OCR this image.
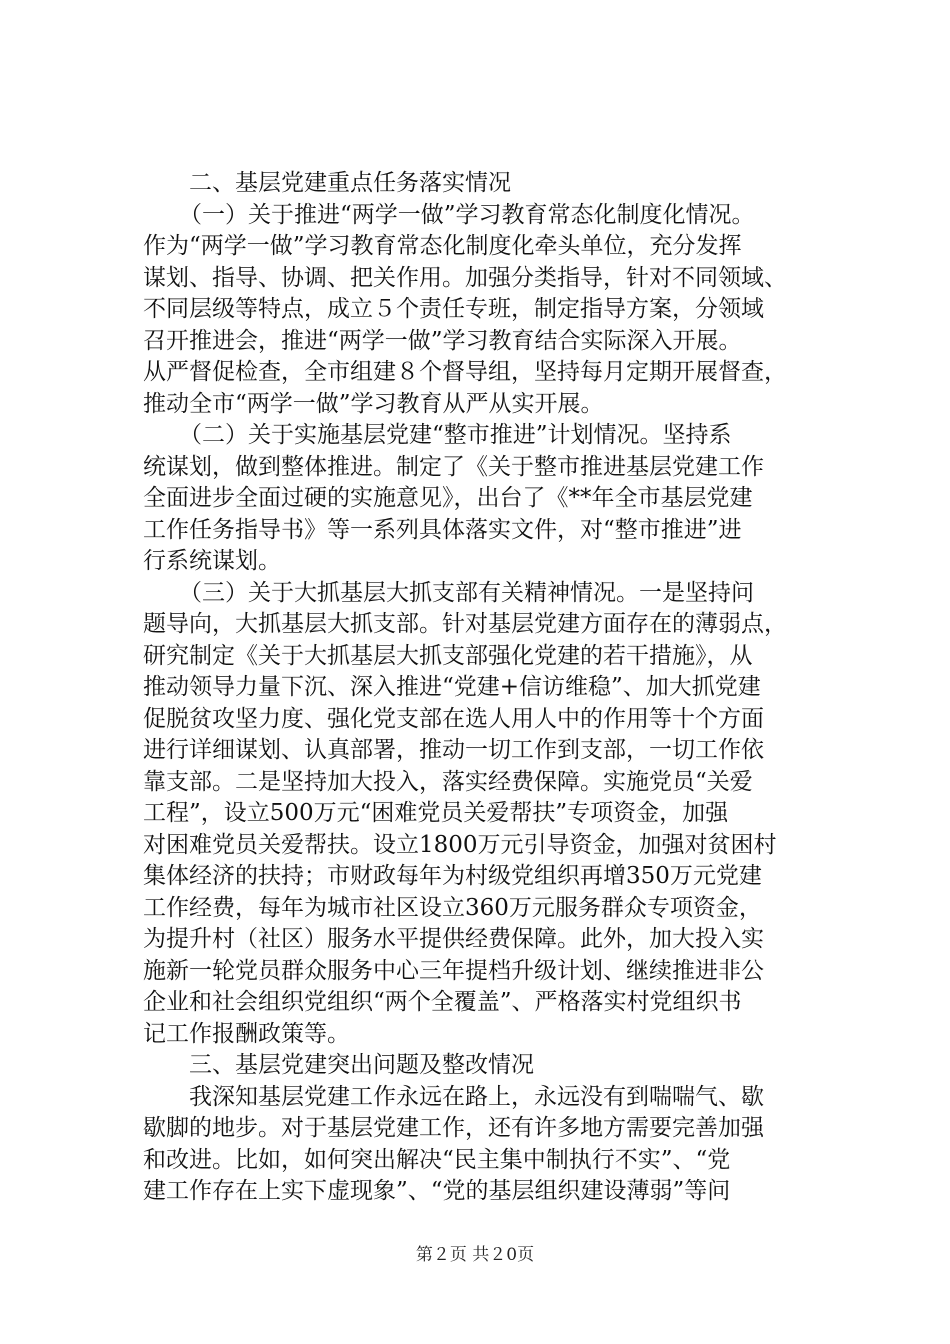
二、基层党建重点任务落实情况
（一）关于推进“两学一做”学习教育常态化制度化情况。
作为“两学一做”学习教育常态化制度化牵头单位，充分发挥
谋划、指导、协调、把关作用。加强分类指导，针对不同领域、
不同层级等特点，成立５个责任专班，制定指导方案，分领域
召开推进会，推进“两学一做”学习教育结合实际深入开展。
从严督促检查，全市组建８个督导组，坚持每月定期开展督查，
推动全市“两学一做”学习教育从严从实开展。
（二）关于实施基层党建“整市推进”计划情况。坚持系
统谋划，做到整体推进。制定了《关于整市推进基层党建工作
全面进步全面过硬的实施意见》，出台了《**年全市基层党建
工作任务指导书》等一系列具体落实文件，对“整市推进”进
行系统谋划。
（三）关于大抓基层大抓支部有关精神情况。一是坚持问
题导向，大抓基层大抓支部。针对基层党建方面存在的薄弱点，
研究制定《关于大抓基层大抓支部强化党建的若干措施》，从
推动领导力量下沉、深入推进“党建+信访维稳”、加大抓党建
促脱贫攻坚力度、强化党支部在选人用人中的作用等十个方面
进行详细谋划、认真部署，推动一切工作到支部，一切工作依
靠支部。二是坚持加大投入，落实经费保障。实施党员“关爱
工程”，设立500万元“困难党员关爱帮扶”专项资金，加强
对困难党员关爱帮扶。设立1800万元引导资金，加强对贫困村
集体经济的扶持；市财政每年为村级党组织再增350万元党建
工作经费，每年为城市社区设立360万元服务群众专项资金，
为提升村（社区）服务水平提供经费保障。此外，加大投入实
施新一轮党员群众服务中心三年提档升级计划、继续推进非公
企业和社会组织党组织“两个全覆盖”、严格落实村党组织书
记工作报酬政策等。
三、基层党建突出问题及整改情况
我深知基层党建工作永远在路上，永远没有到喘喘气、歇
歇脚的地步。对于基层党建工作，还有许多地方需要完善加强
和改进。比如，如何突出解决“民主集中制执行不实”、“党
建工作存在上实下虚现象”、“党的基层组织建设薄弱”等问
第２页 共２0页
